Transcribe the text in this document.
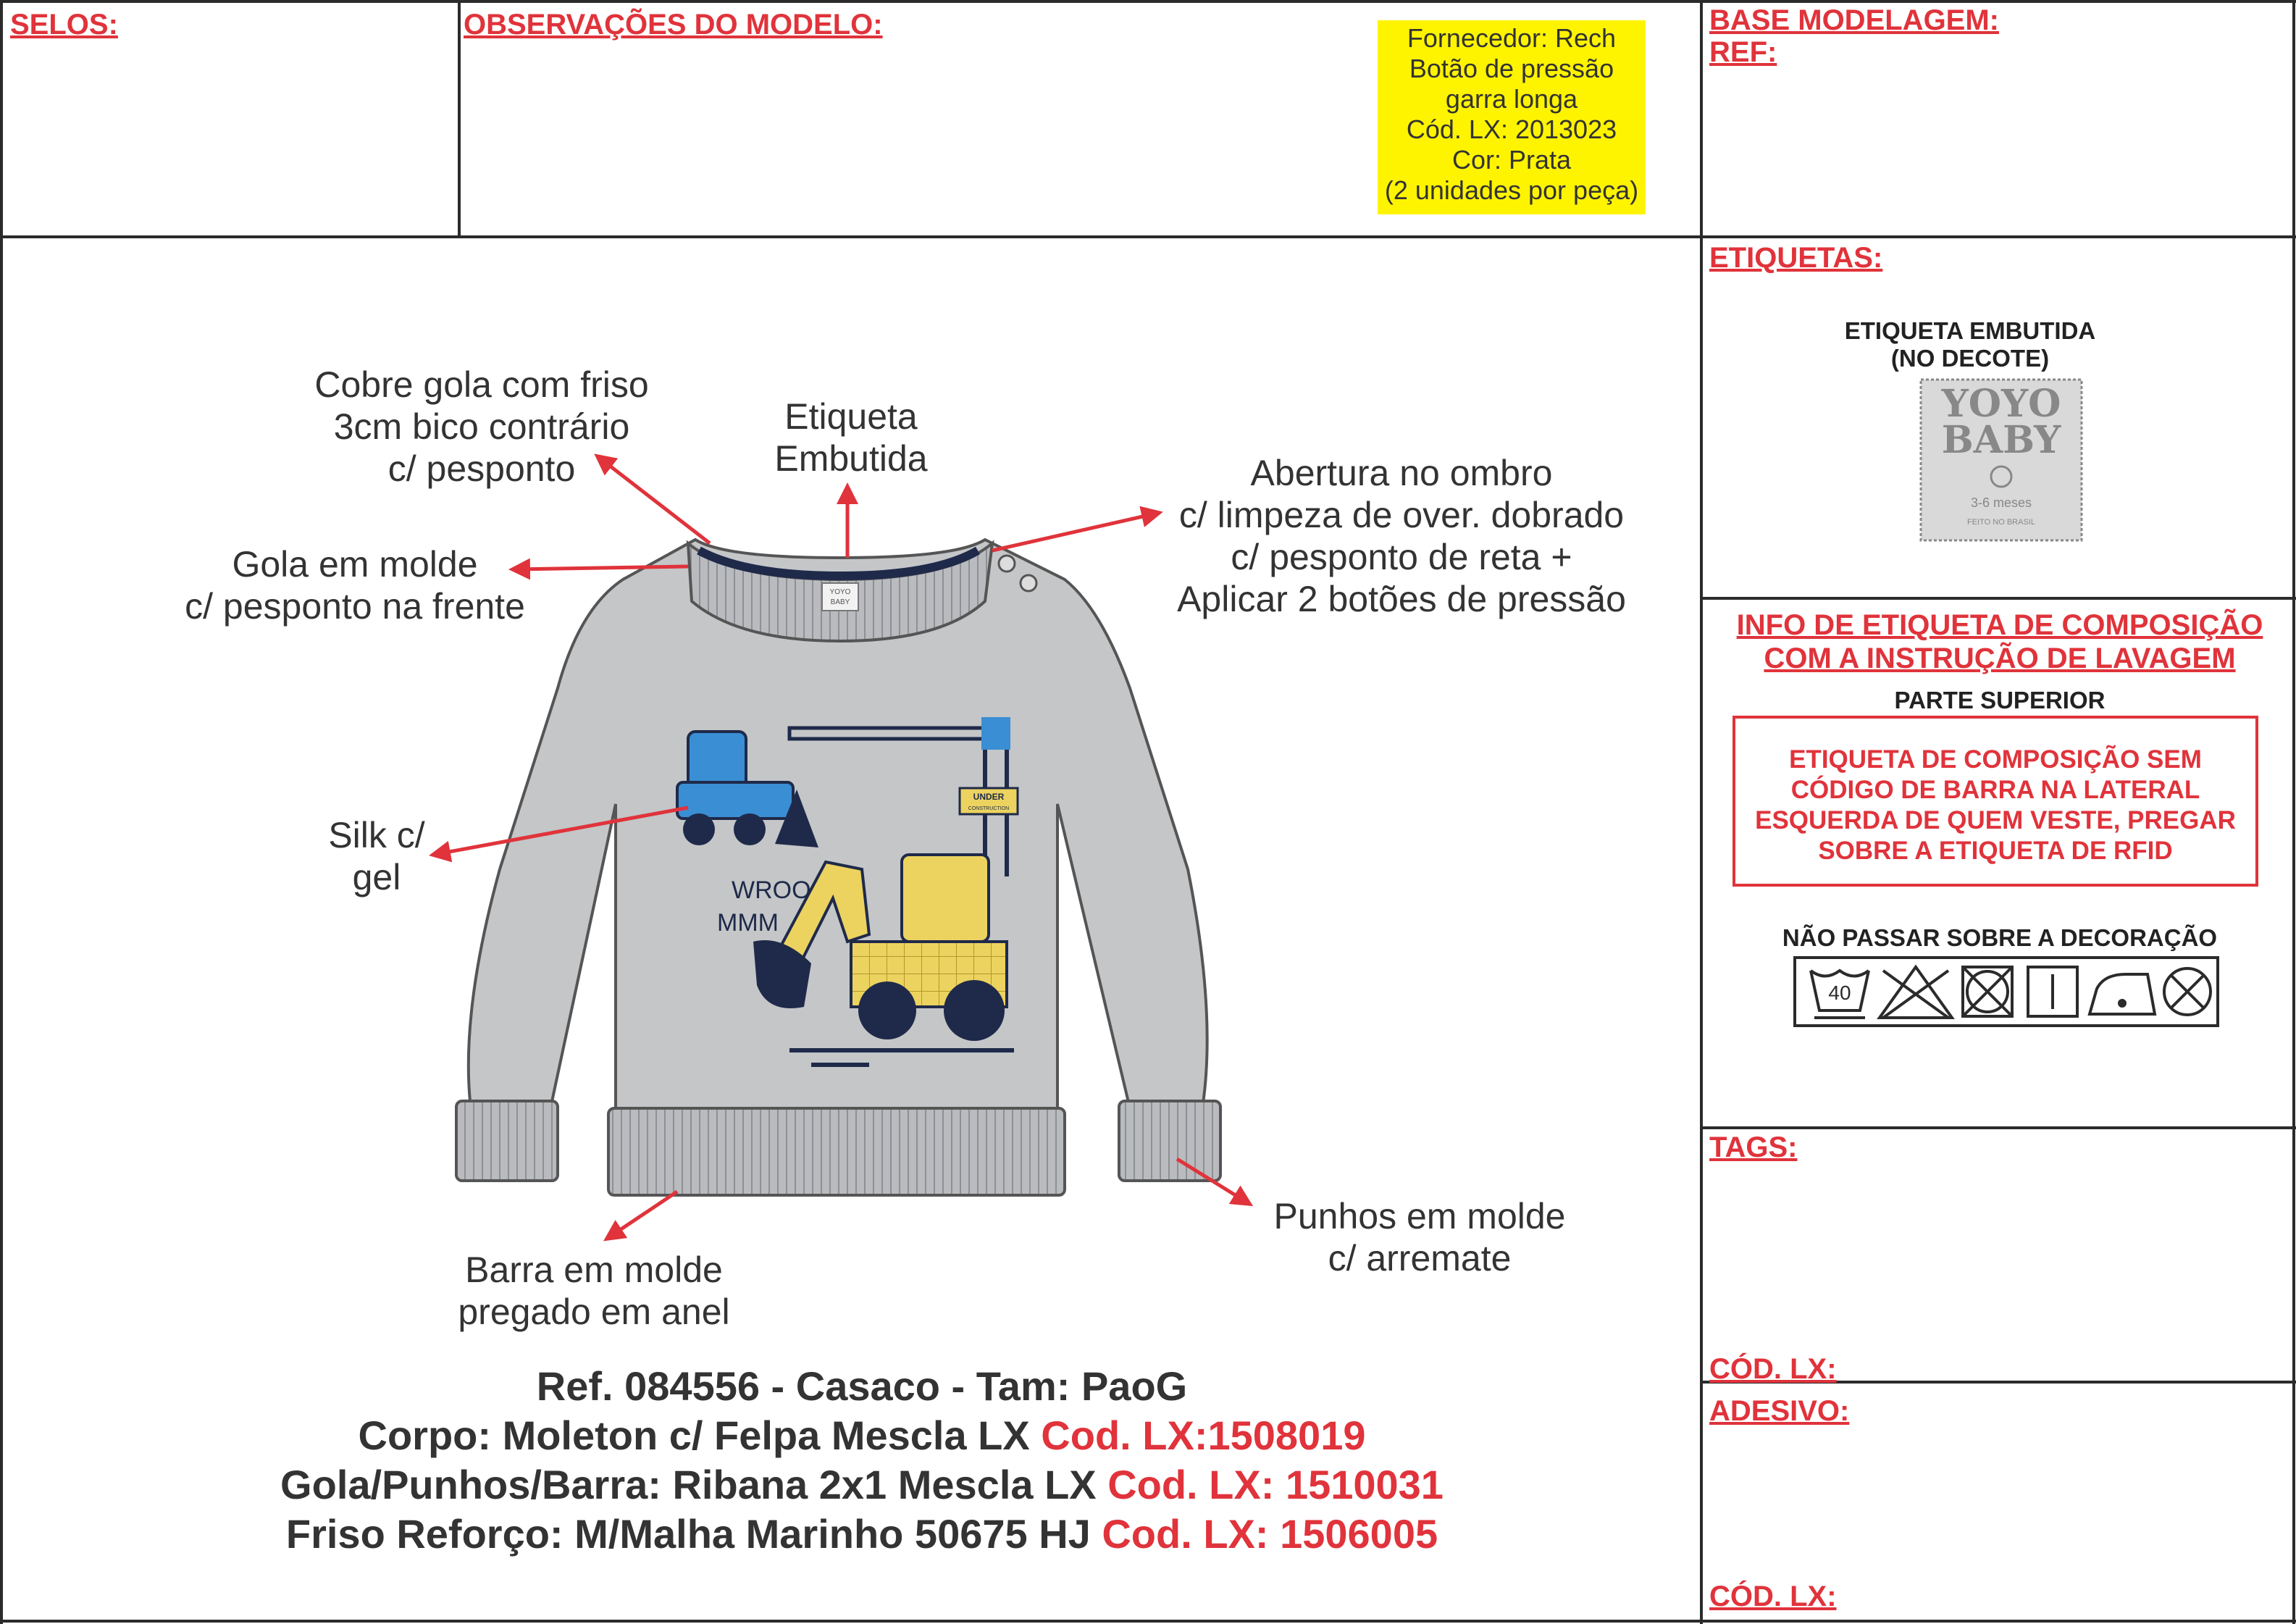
SELOS:	OBSERVAÇÕES DO MODELO:	BASE MODELAGEM:
REF:
Fornecedor: Rech
Botão de pressão
garra longa
Cód. LX: 2013023
Cor: Prata
(2 unidades por peça)
ETIQUETAS:
ETIQUETA EMBUTIDA
(NO DECOTE)
INFO DE ETIQUETA DE COMPOSIÇÃO
COM A INSTRUÇÃO DE LAVAGEM
PARTE SUPERIOR
ETIQUETA DE COMPOSIÇÃO SEM
CÓDIGO DE BARRA NA LATERAL
ESQUERDA DE QUEM VESTE, PREGAR
SOBRE A ETIQUETA DE RFID
NÃO PASSAR SOBRE A DECORAÇÃO
TAGS:
CÓD. LX:
ADESIVO:
CÓD. LX:
Cobre gola com friso
3cm bico contrário
c/ pesponto
Etiqueta
Embutida	Abertura no ombro
c/ limpeza de over. dobrado
c/ pesponto de reta +
Aplicar 2 botões de pressão
Gola em molde
c/ pesponto na frente
Silk c/
gel
Punhos em molde
c/ arremate
Barra em molde
pregado em anel
YOYO
BABY
UNDER
CONSTRUCTION
WROO
MMM
YOYO
BABY
3-6 meses
FEITO NO BRASIL
40
Ref. 084556 - Casaco - Tam: PaoG
Corpo: Moleton c/ Felpa Mescla LX Cod. LX:1508019
Gola/Punhos/Barra: Ribana 2x1 Mescla LX Cod. LX: 1510031
Friso Reforço: M/Malha Marinho 50675 HJ Cod. LX: 1506005
